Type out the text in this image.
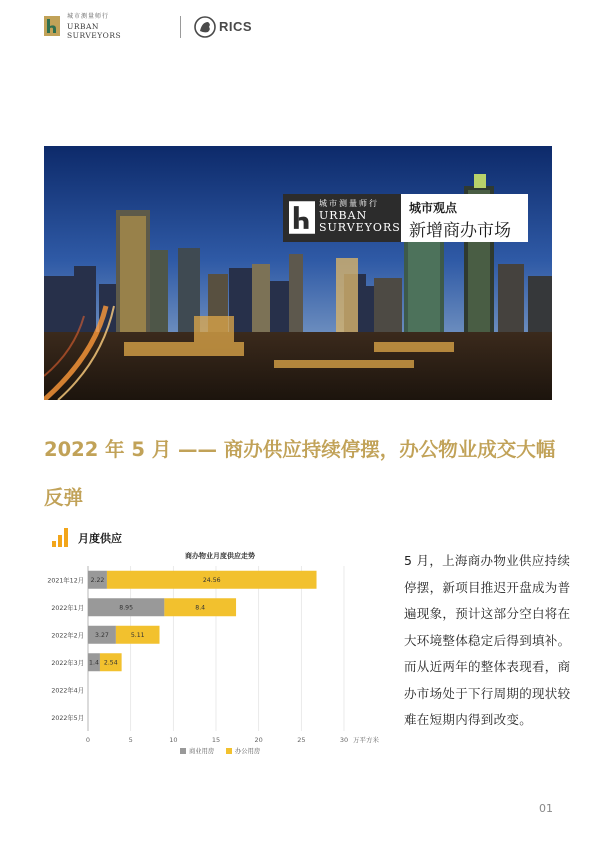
城市测量师行
URBAN
SURVEYORS
RICS
城市测量师行
URBAN
SURVEYORS
城市观点
新增商办市场
2022 年 5 月 —— 商办供应持续停摆，办公物业成交大幅反弹
月度供应
商办物业月度供应走势
0	5	10	15	20	25	30 万平方米
2021年12月 2.22	24.56
2022年1月	8.95	8.4
2022年2月 3.27	5.11
2022年3月 1.4 2.54
2022年4月
2022年5月
商业用房	办公用房

5 月，上海商办物业供应持续停摆，新项目推迟开盘成为普遍现象，预计这部分空白将在大环境整体稳定后得到填补。而从近两年的整体表现看，商办市场处于下行周期的现状较难在短期内得到改变。

01
